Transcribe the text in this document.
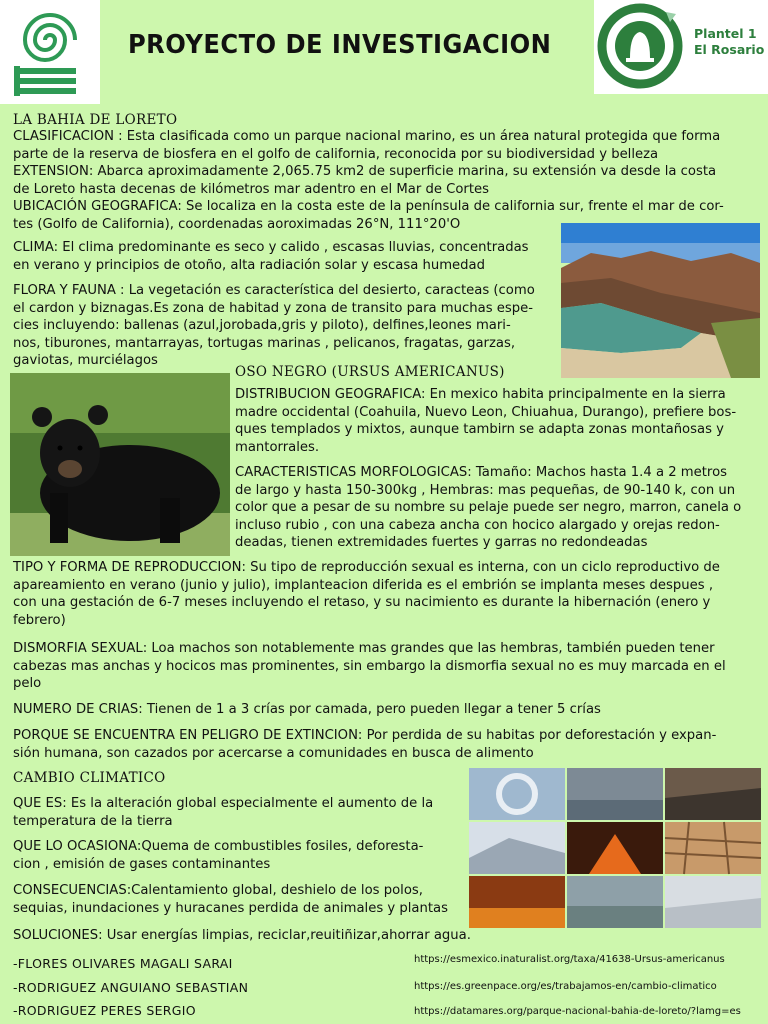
PROYECTO DE INVESTIGACION	Plantel 1
El Rosario
LA BAHIA DE LORETO
CLASIFICACION : Esta clasificada como un parque nacional marino, es un área natural protegida que forma
parte de la reserva de biosfera en el golfo de california, reconocida por su biodiversidad y belleza
EXTENSION: Abarca aproximadamente 2,065.75 km2 de superficie marina, su extensión va desde la costa
de Loreto hasta decenas de kilómetros mar adentro en el Mar de Cortes
UBICACIÓN GEOGRAFICA: Se localiza en la costa este de la península de california sur, frente el mar de cor-
tes (Golfo de California), coordenadas aoroximadas 26°N, 111°20'O
CLIMA: El clima predominante es seco y calido , escasas lluvias, concentradas
en verano y principios de otoño, alta radiación solar y escasa humedad
FLORA Y FAUNA : La vegetación es característica del desierto, caracteas (como
el cardon y biznagas.Es zona de habitad y zona de transito para muchas espe-
cies incluyendo: ballenas (azul,jorobada,gris y piloto), delfines,leones mari-
nos, tiburones, mantarrayas, tortugas marinas , pelicanos, fragatas, garzas,
gaviotas, murciélagos
OSO NEGRO (URSUS AMERICANUS)
DISTRIBUCION GEOGRAFICA: En mexico habita principalmente en la sierra
madre occidental (Coahuila, Nuevo Leon, Chiuahua, Durango), prefiere bos-
ques templados y mixtos, aunque tambirn se adapta zonas montañosas y
mantorrales.
CARACTERISTICAS MORFOLOGICAS: Tamaño: Machos hasta 1.4 a 2 metros
de largo y hasta 150-300kg , Hembras: mas pequeñas, de 90-140 k, con un
color que a pesar de su nombre su pelaje puede ser negro, marron, canela o
incluso rubio , con una cabeza ancha con hocico alargado y orejas redon-
deadas, tienen extremidades fuertes y garras no redondeadas
TIPO Y FORMA DE REPRODUCCION: Su tipo de reproducción sexual es interna, con un ciclo reproductivo de
apareamiento en verano (junio y julio), implanteacion diferida es el embrión se implanta meses despues ,
con una gestación de 6-7 meses incluyendo el retaso, y su nacimiento es durante la hibernación (enero y
febrero)
DISMORFIA SEXUAL: Loa machos son notablemente mas grandes que las hembras, también pueden tener
cabezas mas anchas y hocicos mas prominentes, sin embargo la dismorfia sexual no es muy marcada en el
pelo
NUMERO DE CRIAS: Tienen de 1 a 3 crías por camada, pero pueden llegar a tener 5 crías
PORQUE SE ENCUENTRA EN PELIGRO DE EXTINCION: Por perdida de su habitas por deforestación y expan-
sión humana, son cazados por acercarse a comunidades en busca de alimento
CAMBIO CLIMATICO
QUE ES: Es la alteración global especialmente el aumento de la
temperatura de la tierra
QUE LO OCASIONA:Quema de combustibles fosiles, deforesta-
cion , emisión de gases contaminantes
CONSECUENCIAS:Calentamiento global, deshielo de los polos,
sequias, inundaciones y huracanes perdida de animales y plantas
SOLUCIONES: Usar energías limpias, reciclar,reuitiñizar,ahorrar agua.
-FLORES OLIVARES MAGALI SARAI
-RODRIGUEZ ANGUIANO SEBASTIAN
-RODRIGUEZ PERES SERGIO
https://esmexico.inaturalist.org/taxa/41638-Ursus-americanus
https://es.greenpace.org/es/trabajamos-en/cambio-climatico
https://datamares.org/parque-nacional-bahia-de-loreto/?lamg=es
